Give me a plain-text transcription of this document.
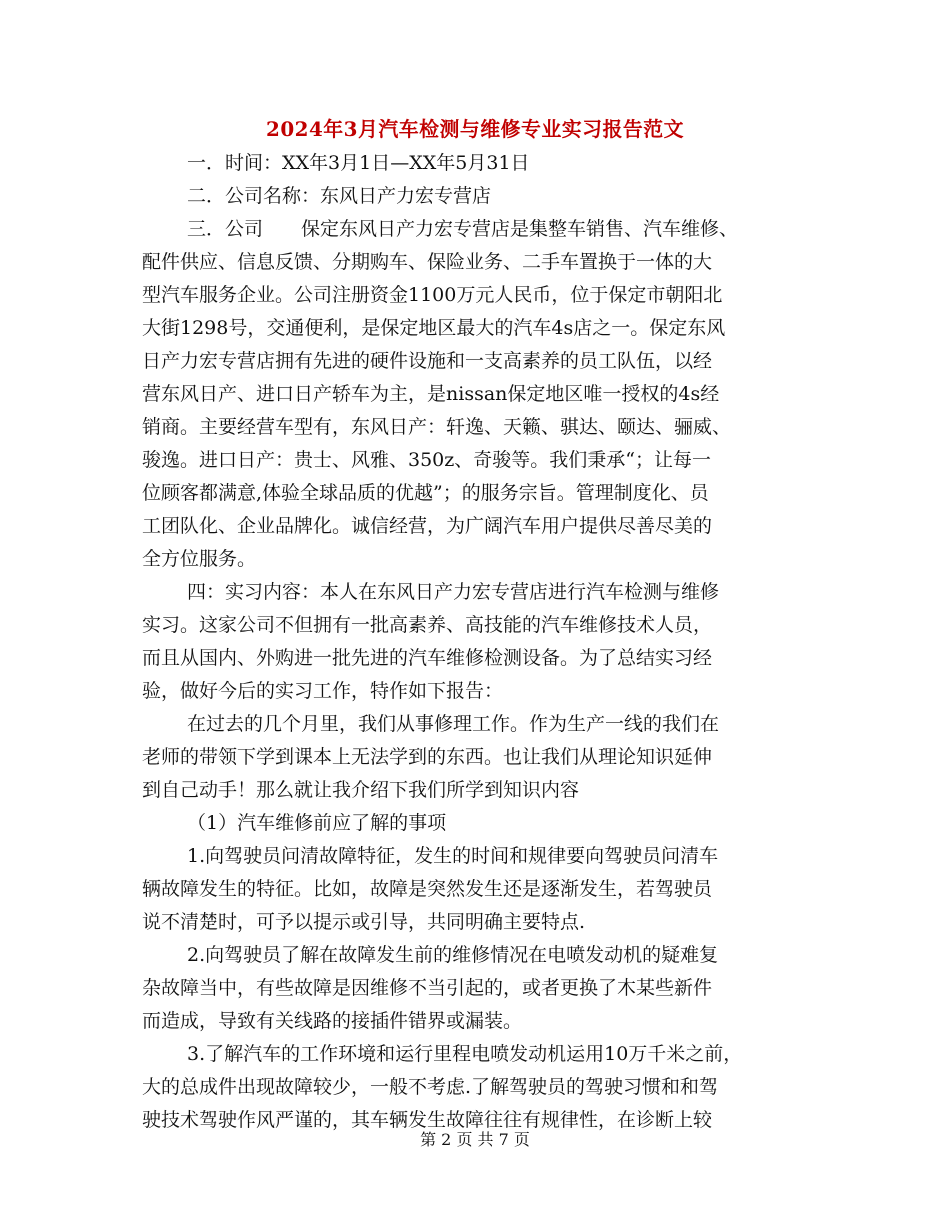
2024年3月汽车检测与维修专业实习报告范文
一．时间：XX年3月1日—XX年5月31日
二．公司名称：东风日产力宏专营店
三．公司　　保定东风日产力宏专营店是集整车销售、汽车维修、
配件供应、信息反馈、分期购车、保险业务、二手车置换于一体的大
型汽车服务企业。公司注册资金1100万元人民币，位于保定市朝阳北
大街1298号，交通便利，是保定地区最大的汽车4s店之一。保定东风
日产力宏专营店拥有先进的硬件设施和一支高素养的员工队伍，以经
营东风日产、进口日产轿车为主，是nissan保定地区唯一授权的4s经
销商。主要经营车型有，东风日产：轩逸、天籁、骐达、颐达、骊威、
骏逸。进口日产：贵士、风雅、350z、奇骏等。我们秉承“；让每一
位顾客都满意,体验全球品质的优越”；的服务宗旨。管理制度化、员
工团队化、企业品牌化。诚信经营，为广阔汽车用户提供尽善尽美的
全方位服务。
四：实习内容：本人在东风日产力宏专营店进行汽车检测与维修
实习。这家公司不但拥有一批高素养、高技能的汽车维修技术人员，
而且从国内、外购进一批先进的汽车维修检测设备。为了总结实习经
验，做好今后的实习工作，特作如下报告：
在过去的几个月里，我们从事修理工作。作为生产一线的我们在
老师的带领下学到课本上无法学到的东西。也让我们从理论知识延伸
到自己动手！那么就让我介绍下我们所学到知识内容
（1）汽车维修前应了解的事项
1.向驾驶员问清故障特征，发生的时间和规律要向驾驶员问清车
辆故障发生的特征。比如，故障是突然发生还是逐渐发生，若驾驶员
说不清楚时，可予以提示或引导，共同明确主要特点.
2.向驾驶员了解在故障发生前的维修情况在电喷发动机的疑难复
杂故障当中，有些故障是因维修不当引起的，或者更换了木某些新件
而造成，导致有关线路的接插件错界或漏装。
3.了解汽车的工作环境和运行里程电喷发动机运用10万千米之前，
大的总成件出现故障较少，一般不考虑.了解驾驶员的驾驶习惯和和驾
驶技术驾驶作风严谨的，其车辆发生故障往往有规律性，在诊断上较
第 2 页 共 7 页
